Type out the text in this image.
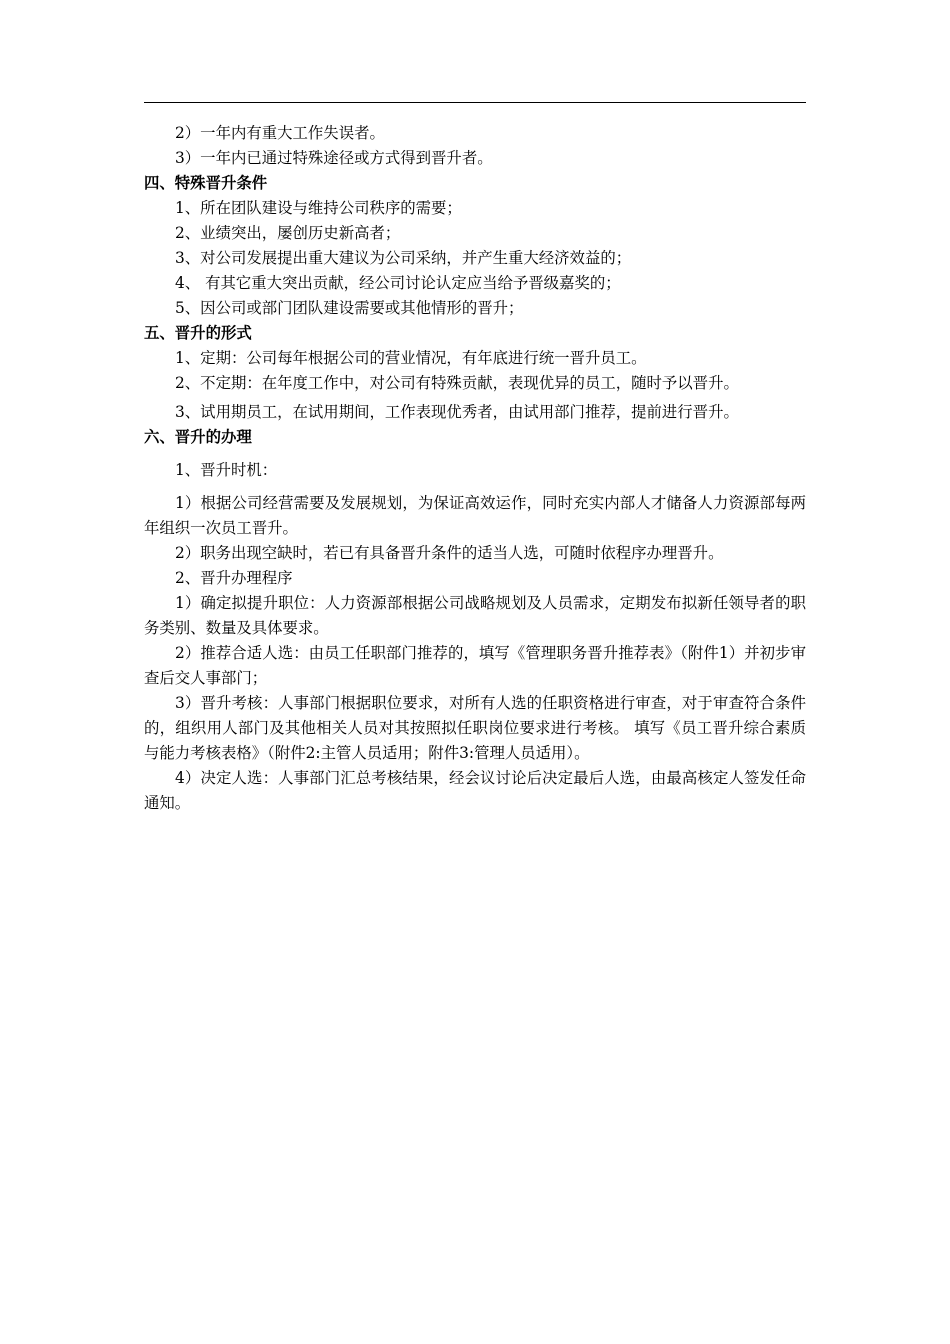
2）一年内有重大工作失误者。

3）一年内已通过特殊途径或方式得到晋升者。

四、特殊晋升条件

1、所在团队建设与维持公司秩序的需要；

2、业绩突出，屡创历史新高者；

3、对公司发展提出重大建议为公司采纳，并产生重大经济效益的；

4、 有其它重大突出贡献，经公司讨论认定应当给予晋级嘉奖的；

5、因公司或部门团队建设需要或其他情形的晋升；

五、晋升的形式

1、定期：公司每年根据公司的营业情况，有年底进行统一晋升员工。

2、不定期：在年度工作中，对公司有特殊贡献，表现优异的员工，随时予以晋升。

3、试用期员工，在试用期间，工作表现优秀者，由试用部门推荐，提前进行晋升。

六、晋升的办理

1、晋升时机：

1）根据公司经营需要及发展规划，为保证高效运作，同时充实内部人才储备人力资源部每两年组织一次员工晋升。

2）职务出现空缺时，若已有具备晋升条件的适当人选，可随时依程序办理晋升。

2、晋升办理程序

1）确定拟提升职位：人力资源部根据公司战略规划及人员需求，定期发布拟新任领导者的职务类别、数量及具体要求。

2）推荐合适人选：由员工任职部门推荐的，填写《管理职务晋升推荐表》（附件1）并初步审查后交人事部门；

3）晋升考核：人事部门根据职位要求，对所有人选的任职资格进行审查，对于审查符合条件的，组织用人部门及其他相关人员对其按照拟任职岗位要求进行考核。 填写《员工晋升综合素质与能力考核表格》（附件2:主管人员适用；附件3:管理人员适用）。

4）决定人选：人事部门汇总考核结果，经会议讨论后决定最后人选，由最高核定人签发任命通知。
